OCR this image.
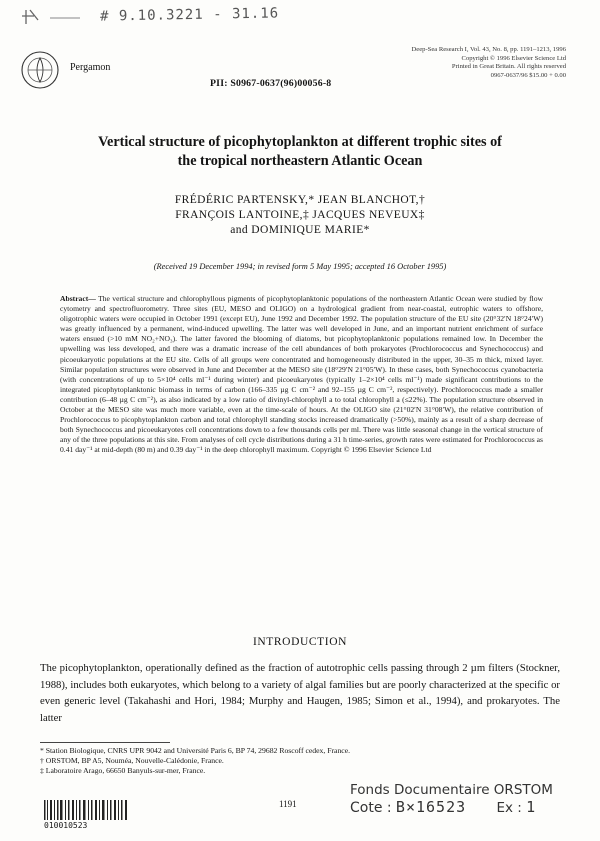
# 9.10.3221 - 31.16
Pergamon
Deep-Sea Research I, Vol. 43, No. 8, pp. 1191–1213, 1996
Copyright © 1996 Elsevier Science Ltd
Printed in Great Britain. All rights reserved
0967-0637/96 $15.00 + 0.00
PII: S0967-0637(96)00056-8
Vertical structure of picophytoplankton at different trophic sites of
the tropical northeastern Atlantic Ocean
FRÉDÉRIC PARTENSKY,* JEAN BLANCHOT,†
FRANÇOIS LANTOINE,‡ JACQUES NEVEUX‡
and DOMINIQUE MARIE*
(Received 19 December 1994; in revised form 5 May 1995; accepted 16 October 1995)
Abstract— The vertical structure and chlorophyllous pigments of picophytoplanktonic populations of the northeastern Atlantic Ocean were studied by flow cytometry and spectrofluorometry. Three sites (EU, MESO and OLIGO) on a hydrological gradient from near-coastal, eutrophic waters to offshore, oligotrophic waters were occupied in October 1991 (except EU), June 1992 and December 1992. The population structure of the EU site (20°32′N 18°24′W) was greatly influenced by a permanent, wind-induced upwelling. The latter was well developed in June, and an important nutrient enrichment of surface waters ensued (>10 mM NO₂+NO₃). The latter favored the blooming of diatoms, but picophytoplanktonic populations remained low. In December the upwelling was less developed, and there was a dramatic increase of the cell abundances of both prokaryotes (Prochlorococcus and Synechococcus) and picoeukaryotic populations at the EU site. Cells of all groups were concentrated and homogeneously distributed in the upper, 30–35 m thick, mixed layer. Similar population structures were observed in June and December at the MESO site (18°29′N 21°05′W). In these cases, both Synechococcus cyanobacteria (with concentrations of up to 5×10⁴ cells ml⁻¹ during winter) and picoeukaryotes (typically 1–2×10⁴ cells ml⁻¹) made significant contributions to the integrated picophytoplanktonic biomass in terms of carbon (166–335 µg C cm⁻² and 92–155 µg C cm⁻², respectively). Prochlorococcus made a smaller contribution (6–48 µg C cm⁻²), as also indicated by a low ratio of divinyl-chlorophyll a to total chlorophyll a (≤22%). The population structure observed in October at the MESO site was much more variable, even at the time-scale of hours. At the OLIGO site (21°02′N 31°08′W), the relative contribution of Prochlorococcus to picophytoplankton carbon and total chlorophyll standing stocks increased dramatically (>50%), mainly as a result of a sharp decrease of both Synechococcus and picoeukaryotes cell concentrations down to a few thousands cells per ml. There was little seasonal change in the vertical structure of any of the three populations at this site. From analyses of cell cycle distributions during a 31 h time-series, growth rates were estimated for Prochlorococcus as 0.41 day⁻¹ at mid-depth (80 m) and 0.39 day⁻¹ in the deep chlorophyll maximum. Copyright © 1996 Elsevier Science Ltd
INTRODUCTION
The picophytoplankton, operationally defined as the fraction of autotrophic cells passing through 2 µm filters (Stockner, 1988), includes both eukaryotes, which belong to a variety of algal families but are poorly characterized at the specific or even generic level (Takahashi and Hori, 1984; Murphy and Haugen, 1985; Simon et al., 1994), and prokaryotes. The latter
* Station Biologique, CNRS UPR 9042 and Université Paris 6, BP 74, 29682 Roscoff cedex, France.
† ORSTOM, BP A5, Nouméa, Nouvelle-Calédonie, France.
‡ Laboratoire Arago, 66650 Banyuls-sur-mer, France.
010010523
1191
Fonds Documentaire ORSTOM
Cote : B×16523 Ex : 1
